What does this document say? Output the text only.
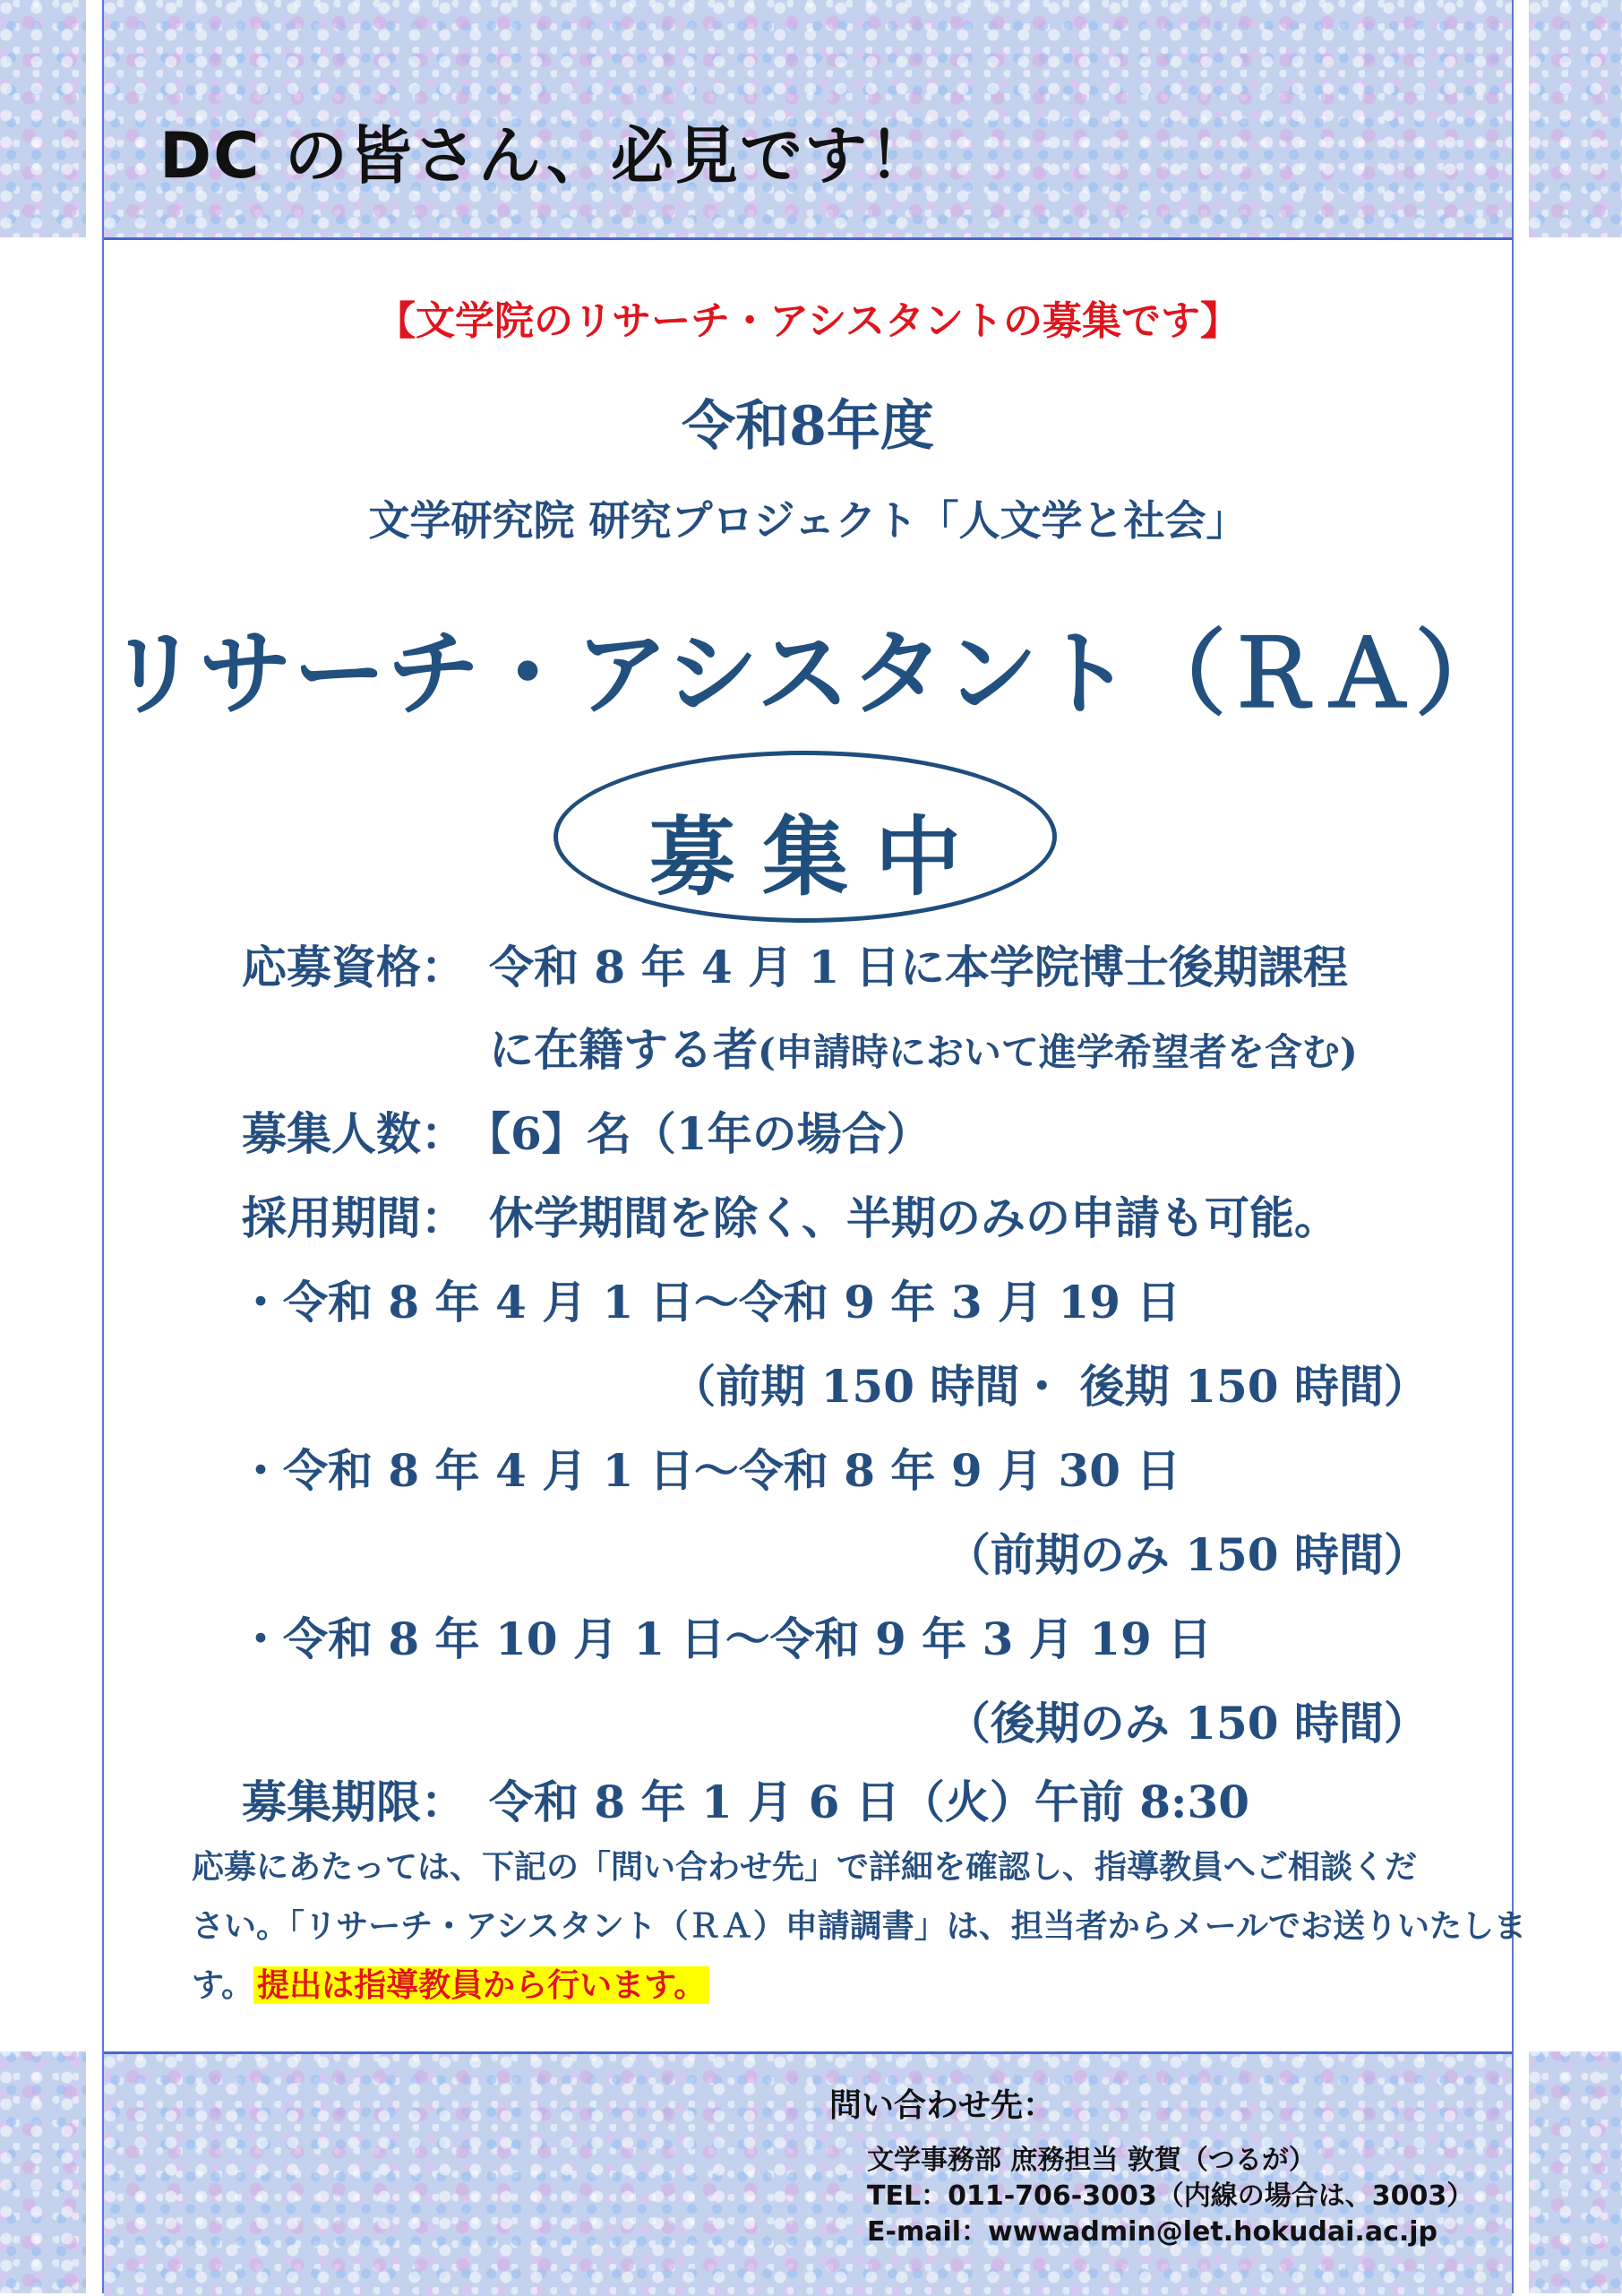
DC の皆さん、必見です！
【文学院のリサーチ・アシスタントの募集です】
令和8年度
文学研究院 研究プロジェクト「人文学と社会」
リサーチ・アシスタント（ＲＡ）
募集中
応募資格： 令和 8 年 4 月 1 日に本学院博士後期課程
に在籍する者(申請時において進学希望者を含む)
募集人数： 【6】名（1年の場合）
採用期間： 休学期間を除く、半期のみの申請も可能。
・令和 8 年 4 月 1 日～令和 9 年 3 月 19 日
（前期 150 時間・ 後期 150 時間）
・令和 8 年 4 月 1 日～令和 8 年 9 月 30 日
（前期のみ 150 時間）
・令和 8 年 10 月 1 日～令和 9 年 3 月 19 日
（後期のみ 150 時間）
募集期限： 令和 8 年 1 月 6 日（火）午前 8:30
応募にあたっては、下記の「問い合わせ先」で詳細を確認し、指導教員へご相談くだ
さい。「リサーチ・アシスタント（ＲＡ）申請調書」は、担当者からメールでお送りいたしま
す。 提出は指導教員から行います。
問い合わせ先：
文学事務部 庶務担当 敦賀（つるが）
TEL：011-706-3003（内線の場合は、3003）
E-mail：wwwadmin@let.hokudai.ac.jp
